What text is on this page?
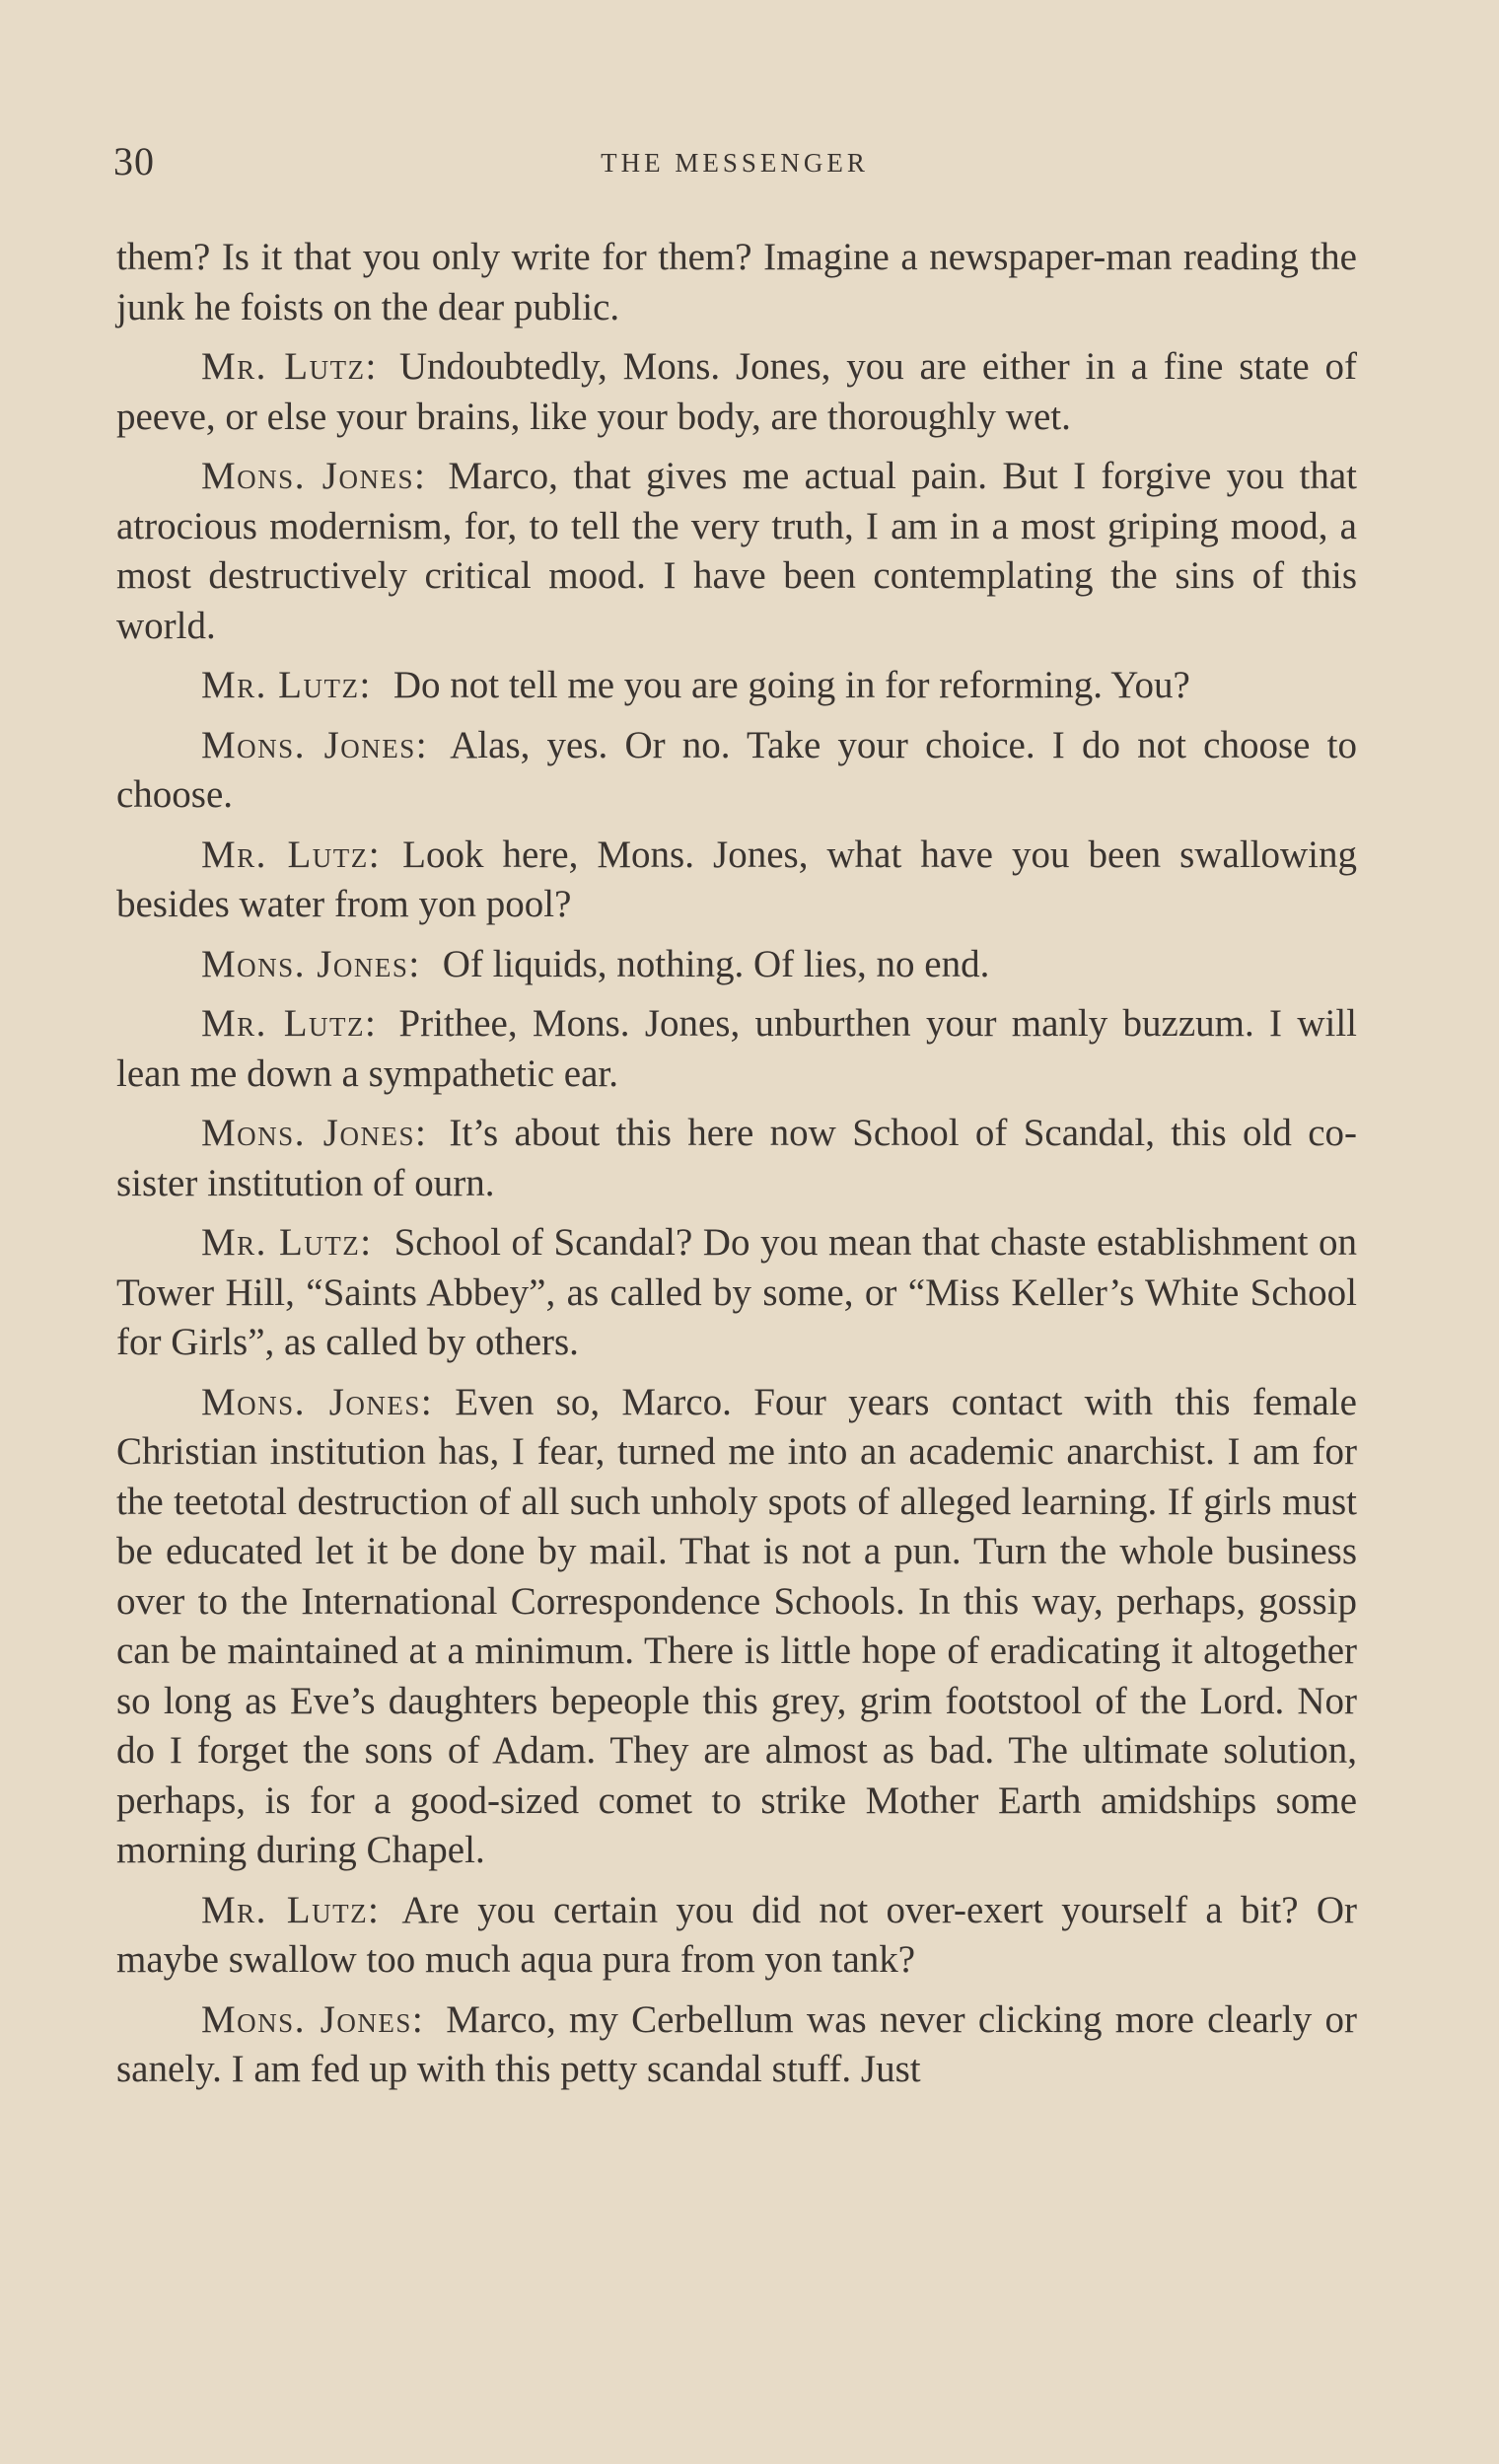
30	THE MESSENGER

them? Is it that you only write for them? Imagine a newspaper-man reading the junk he foists on the dear public.

Mr. Lutz: Undoubtedly, Mons. Jones, you are either in a fine state of peeve, or else your brains, like your body, are thoroughly wet.

Mons. Jones: Marco, that gives me actual pain. But I forgive you that atrocious modernism, for, to tell the very truth, I am in a most griping mood, a most destructively critical mood. I have been contemplating the sins of this world.

Mr. Lutz: Do not tell me you are going in for reforming. You?

Mons. Jones: Alas, yes. Or no. Take your choice. I do not choose to choose.

Mr. Lutz: Look here, Mons. Jones, what have you been swallowing besides water from yon pool?

Mons. Jones: Of liquids, nothing. Of lies, no end.

Mr. Lutz: Prithee, Mons. Jones, unburthen your manly buzzum. I will lean me down a sympathetic ear.

Mons. Jones: It’s about this here now School of Scandal, this old co-sister institution of ourn.

Mr. Lutz: School of Scandal? Do you mean that chaste establishment on Tower Hill, “Saints Abbey”, as called by some, or “Miss Keller’s White School for Girls”, as called by others.

Mons. Jones: Even so, Marco. Four years contact with this female Christian institution has, I fear, turned me into an academic anarchist. I am for the teetotal destruction of all such unholy spots of alleged learning. If girls must be educated let it be done by mail. That is not a pun. Turn the whole business over to the International Correspondence Schools. In this way, perhaps, gossip can be maintained at a minimum. There is little hope of eradicating it altogether so long as Eve’s daughters bepeople this grey, grim footstool of the Lord. Nor do I forget the sons of Adam. They are almost as bad. The ultimate solution, perhaps, is for a good-sized comet to strike Mother Earth amidships some morning during Chapel.

Mr. Lutz: Are you certain you did not over-exert yourself a bit? Or maybe swallow too much aqua pura from yon tank?

Mons. Jones: Marco, my Cerbellum was never clicking more clearly or sanely. I am fed up with this petty scandal stuff. Just
